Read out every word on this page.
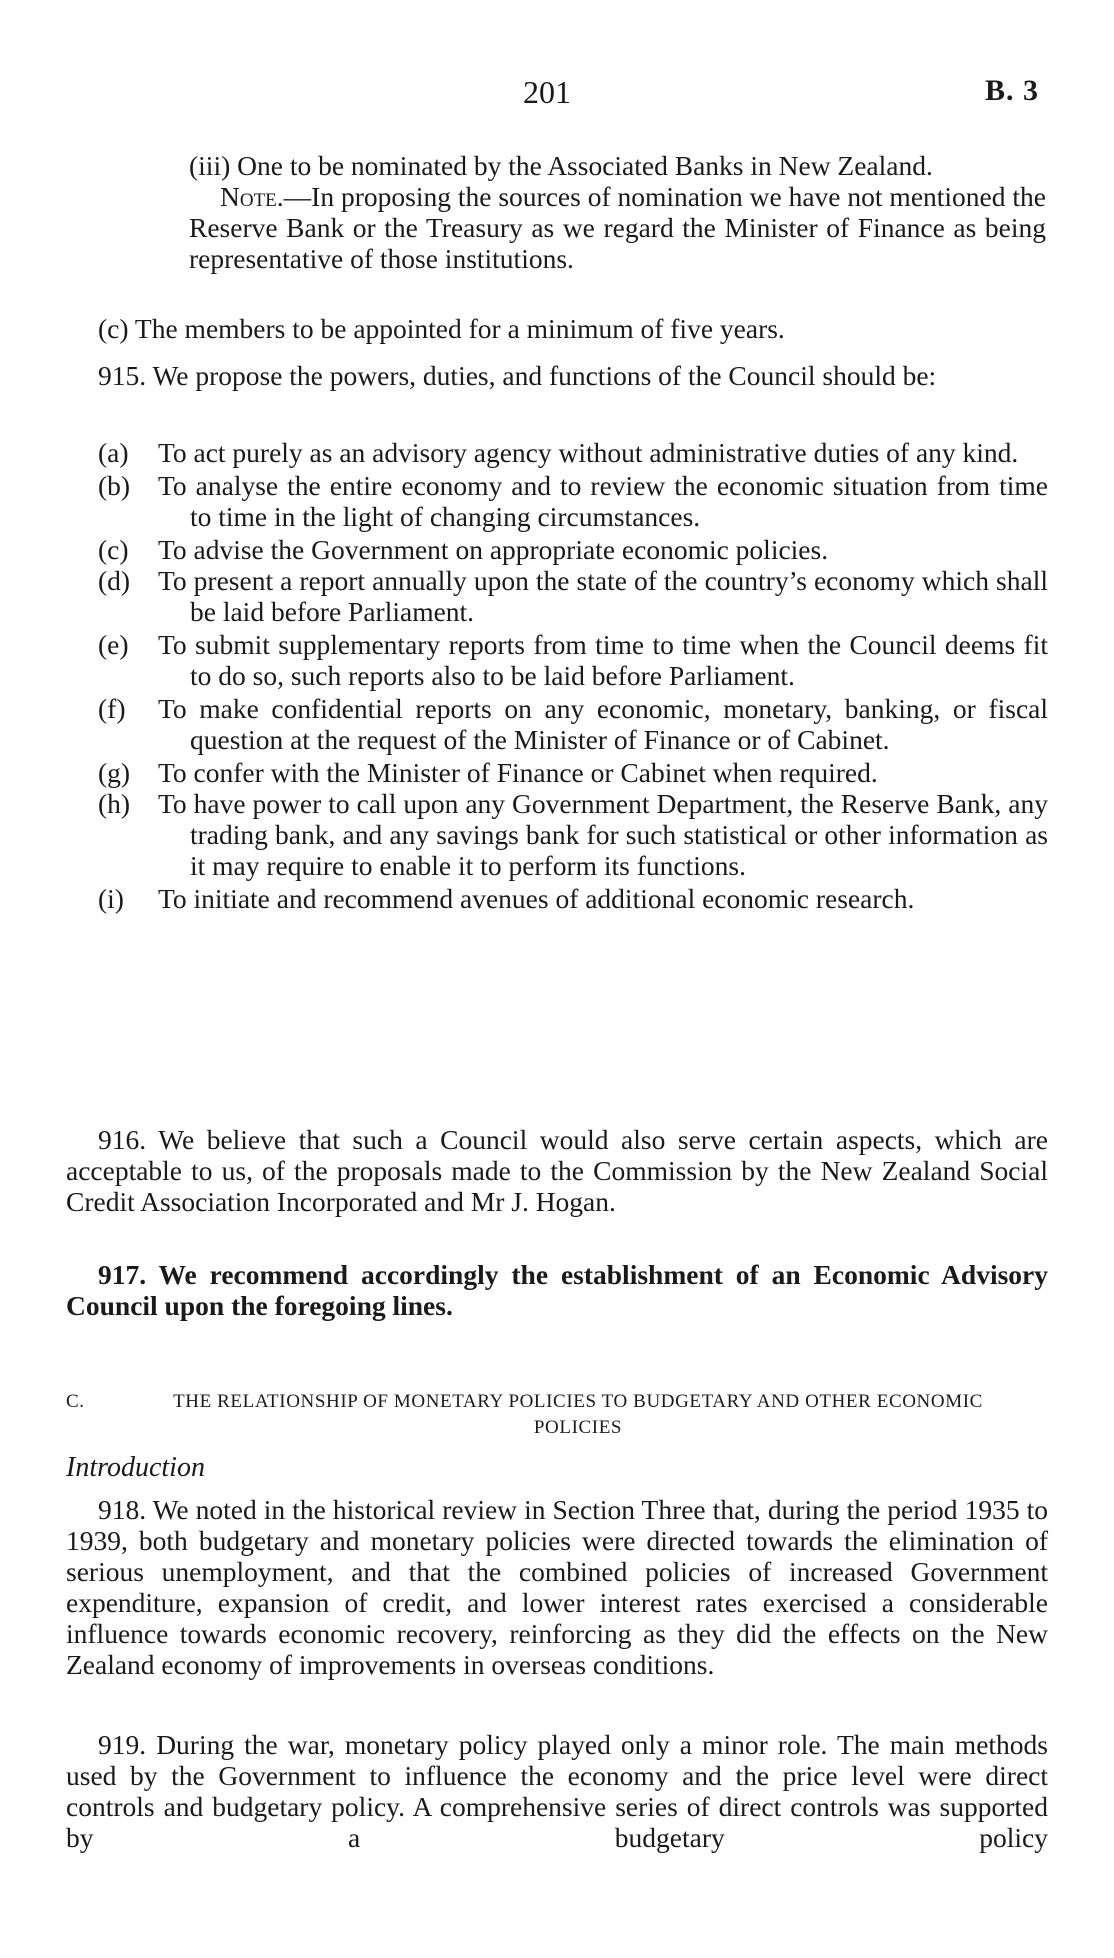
201	B. 3

(iii) One to be nominated by the Associated Banks in New Zealand.

Note.—In proposing the sources of nomination we have not mentioned the Reserve Bank or the Treasury as we regard the Minister of Finance as being representative of those institutions.

(c) The members to be appointed for a minimum of five years.
915. We propose the powers, duties, and functions of the Council should be:
(a) To act purely as an advisory agency without administrative duties of any kind.
(b) To analyse the entire economy and to review the economic situation from time to time in the light of changing circumstances.
(c) To advise the Government on appropriate economic policies.
(d) To present a report annually upon the state of the country’s economy which shall be laid before Parliament.
(e) To submit supplementary reports from time to time when the Council deems fit to do so, such reports also to be laid before Parliament.
(f) To make confidential reports on any economic, monetary, banking, or fiscal question at the request of the Minister of Finance or of Cabinet.
(g) To confer with the Minister of Finance or Cabinet when required.
(h) To have power to call upon any Government Department, the Reserve Bank, any trading bank, and any savings bank for such statistical or other information as it may require to enable it to perform its functions.
(i) To initiate and recommend avenues of additional economic research.
916. We believe that such a Council would also serve certain aspects, which are acceptable to us, of the proposals made to the Commission by the New Zealand Social Credit Association Incorporated and Mr J. Hogan.
917. We recommend accordingly the establishment of an Economic Advisory Council upon the foregoing lines.
C.	THE RELATIONSHIP OF MONETARY POLICIES TO BUDGETARY AND OTHER ECONOMIC POLICIES
Introduction
918. We noted in the historical review in Section Three that, during the period 1935 to 1939, both budgetary and monetary policies were directed towards the elimination of serious unemployment, and that the combined policies of increased Government expenditure, expansion of credit, and lower interest rates exercised a considerable influence towards economic recovery, reinforcing as they did the effects on the New Zealand economy of improvements in overseas conditions.
919. During the war, monetary policy played only a minor role. The main methods used by the Government to influence the economy and the price level were direct controls and budgetary policy. A comprehensive series of direct controls was supported by a budgetary policy
